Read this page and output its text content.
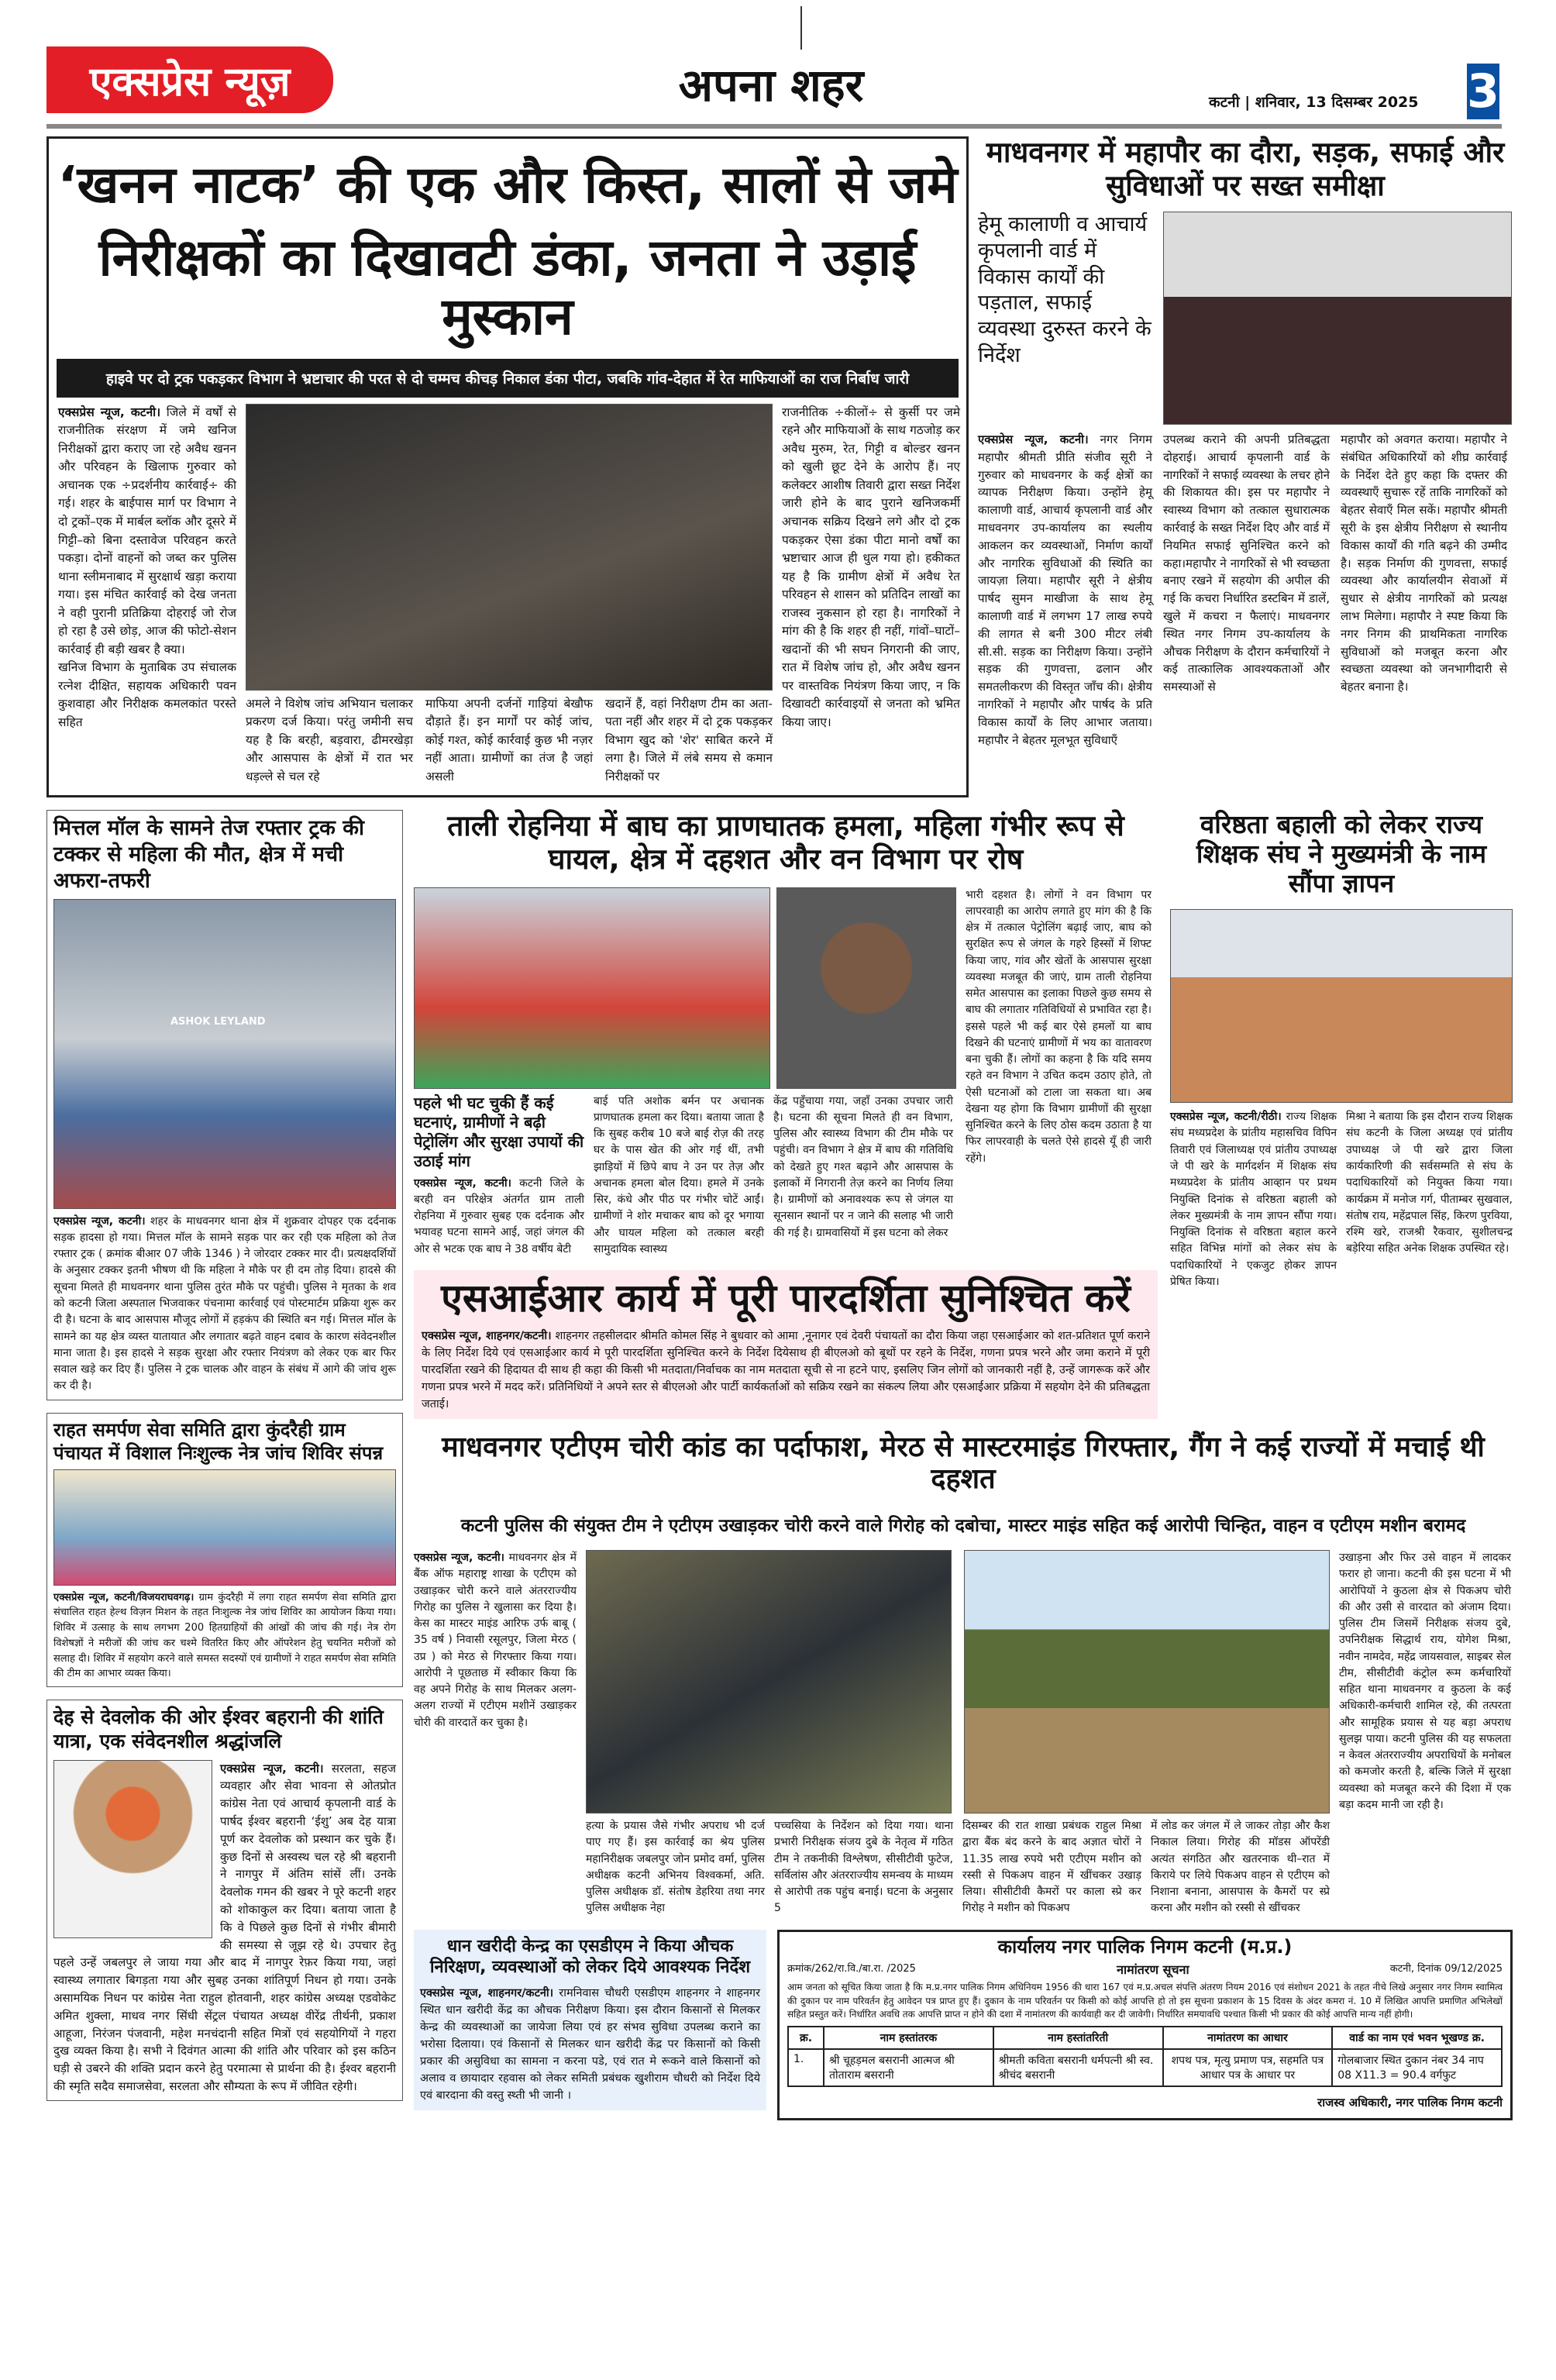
एक्सप्रेस न्यूज़	अपना शहर	कटनी | शनिवार, 13 दिसम्बर 2025 3
‘खनन नाटक’ की एक और किस्त, सालों से जमे
निरीक्षकों का दिखावटी डंका, जनता ने उड़ाई मुस्कान
हाइवे पर दो ट्रक पकड़कर विभाग ने भ्रष्टाचार की परत से दो चम्मच कीचड़ निकाल डंका पीटा, जबकि गांव-देहात में रेत माफियाओं का राज निर्बाध जारी
एक्सप्रेस न्यूज, कटनी। जिले में वर्षों से राजनीतिक संरक्षण में जमे खनिज निरीक्षकों द्वारा कराए जा रहे अवैध खनन और परिवहन के खिलाफ गुरुवार को अचानक एक ÷प्रदर्शनीय कार्रवाई÷ की गई। शहर के बाईपास मार्ग पर विभाग ने दो ट्रकों–एक में मार्बल ब्लॉक और दूसरे में गिट्टी–को बिना दस्तावेज परिवहन करते पकड़ा। दोनों वाहनों को जब्त कर पुलिस थाना स्लीमनाबाद में सुरक्षार्थ खड़ा कराया गया। इस मंचित कार्रवाई को देख जनता ने वही पुरानी प्रतिक्रिया दोहराई जो रोज हो रहा है उसे छोड़, आज की फोटो-सेशन कार्रवाई ही बड़ी खबर है क्या।
खनिज विभाग के मुताबिक उप संचालक रत्नेश दीक्षित, सहायक अधिकारी पवन कुशवाहा और निरीक्षक कमलकांत परस्ते सहित
अमले ने विशेष जांच अभियान चलाकर प्रकरण दर्ज किया। परंतु जमीनी सच यह है कि बरही, बड़वारा, ढीमरखेड़ा और आसपास के क्षेत्रों में रात भर धड़ल्ले से चल रहे
माफिया अपनी दर्जनों गाड़ियां बेखौफ दौड़ाते हैं। इन मार्गों पर कोई जांच, कोई गश्त, कोई कार्रवाई कुछ भी नज़र नहीं आता। ग्रामीणों का तंज है जहां असली
खदानें हैं, वहां निरीक्षण टीम का अता-पता नहीं और शहर में दो ट्रक पकड़कर विभाग खुद को 'शेर' साबित करने में लगा है। जिले में लंबे समय से कमान निरीक्षकों पर
राजनीतिक ÷कीलों÷ से कुर्सी पर जमे रहने और माफियाओं के साथ गठजोड़ कर अवैध मुरुम, रेत, गिट्टी व बोल्डर खनन को खुली छूट देने के आरोप हैं। नए कलेक्टर आशीष तिवारी द्वारा सख्त निर्देश जारी होने के बाद पुराने खनिजकर्मी अचानक सक्रिय दिखने लगे और दो ट्रक पकड़कर ऐसा डंका पीटा मानो वर्षों का भ्रष्टाचार आज ही धुल गया हो। हकीकत यह है कि ग्रामीण क्षेत्रों में अवैध रेत परिवहन से शासन को प्रतिदिन लाखों का राजस्व नुकसान हो रहा है। नागरिकों ने मांग की है कि शहर ही नहीं, गांवों–घाटों–खदानों की भी सघन निगरानी की जाए, रात में विशेष जांच हो, और अवैध खनन पर वास्तविक नियंत्रण किया जाए, न कि दिखावटी कार्रवाइयों से जनता को भ्रमित किया जाए।
माधवनगर में महापौर का दौरा, सड़क, सफाई और सुविधाओं पर सख्त समीक्षा
हेमू कालाणी व आचार्य कृपलानी वार्ड में विकास कार्यों की पड़ताल, सफाई व्यवस्था दुरुस्त करने के निर्देश
एक्सप्रेस न्यूज, कटनी। नगर निगम महापौर श्रीमती प्रीति संजीव सूरी ने गुरुवार को माधवनगर के कई क्षेत्रों का व्यापक निरीक्षण किया। उन्होंने हेमू कालाणी वार्ड, आचार्य कृपलानी वार्ड और माधवनगर उप-कार्यालय का स्थलीय आकलन कर व्यवस्थाओं, निर्माण कार्यों और नागरिक सुविधाओं की स्थिति का जायज़ा लिया। महापौर सूरी ने क्षेत्रीय पार्षद सुमन माखीजा के साथ हेमू कालाणी वार्ड में लगभग 17 लाख रुपये की लागत से बनी 300 मीटर लंबी सी.सी. सड़क का निरीक्षण किया। उन्होंने सड़क की गुणवत्ता, ढलान और समतलीकरण की विस्तृत जाँच की। क्षेत्रीय नागरिकों ने महापौर और पार्षद के प्रति विकास कार्यों के लिए आभार जताया। महापौर ने बेहतर मूलभूत सुविधाएँ
उपलब्ध कराने की अपनी प्रतिबद्धता दोहराई। आचार्य कृपलानी वार्ड के नागरिकों ने सफाई व्यवस्था के लचर होने की शिकायत की। इस पर महापौर ने स्वास्थ्य विभाग को तत्काल सुधारात्मक कार्रवाई के सख्त निर्देश दिए और वार्ड में नियमित सफाई सुनिश्चित करने को कहा।महापौर ने नागरिकों से भी स्वच्छता बनाए रखने में सहयोग की अपील की गई कि कचरा निर्धारित डस्टबिन में डालें, खुले में कचरा न फैलाएं। माधवनगर स्थित नगर निगम उप-कार्यालय के औचक निरीक्षण के दौरान कर्मचारियों ने कई तात्कालिक आवश्यकताओं और समस्याओं से
महापौर को अवगत कराया। महापौर ने संबंधित अधिकारियों को शीघ्र कार्रवाई के निर्देश देते हुए कहा कि दफ्तर की व्यवस्थाएँ सुचारू रहें ताकि नागरिकों को बेहतर सेवाएँ मिल सकें। महापौर श्रीमती सूरी के इस क्षेत्रीय निरीक्षण से स्थानीय विकास कार्यों की गति बढ़ने की उम्मीद है। सड़क निर्माण की गुणवत्ता, सफाई व्यवस्था और कार्यालयीन सेवाओं में सुधार से क्षेत्रीय नागरिकों को प्रत्यक्ष लाभ मिलेगा। महापौर ने स्पष्ट किया कि नगर निगम की प्राथमिकता नागरिक सुविधाओं को मजबूत करना और स्वच्छता व्यवस्था को जनभागीदारी से बेहतर बनाना है।
मित्तल मॉल के सामने तेज रफ्तार ट्रक की टक्कर से महिला की मौत, क्षेत्र में मची अफरा-तफरी
ASHOK LEYLAND
एक्सप्रेस न्यूज, कटनी। शहर के माधवनगर थाना क्षेत्र में शुक्रवार दोपहर एक दर्दनाक सड़क हादसा हो गया। मित्तल मॉल के सामने सड़क पार कर रही एक महिला को तेज रफ्तार ट्रक ( क्रमांक बीआर 07 जीके 1346 ) ने जोरदार टक्कर मार दी। प्रत्यक्षदर्शियों के अनुसार टक्कर इतनी भीषण थी कि महिला ने मौके पर ही दम तोड़ दिया। हादसे की सूचना मिलते ही माधवनगर थाना पुलिस तुरंत मौके पर पहुंची। पुलिस ने मृतका के शव को कटनी जिला अस्पताल भिजवाकर पंचनामा कार्रवाई एवं पोस्टमार्टम प्रक्रिया शुरू कर दी है। घटना के बाद आसपास मौजूद लोगों में हड़कंप की स्थिति बन गई। मित्तल मॉल के सामने का यह क्षेत्र व्यस्त यातायात और लगातार बढ़ते वाहन दबाव के कारण संवेदनशील माना जाता है। इस हादसे ने सड़क सुरक्षा और रफ्तार नियंत्रण को लेकर एक बार फिर सवाल खड़े कर दिए हैं। पुलिस ने ट्रक चालक और वाहन के संबंध में आगे की जांच शुरू कर दी है।
राहत समर्पण सेवा समिति द्वारा कुंदरैही ग्राम पंचायत में विशाल निःशुल्क नेत्र जांच शिविर संपन्न
एक्सप्रेस न्यूज, कटनी/विजयराघवगढ़। ग्राम कुंदरैही में लगा राहत समर्पण सेवा समिति द्वारा संचालित राहत हेल्थ विज़न मिशन के तहत निःशुल्क नेत्र जांच शिविर का आयोजन किया गया। शिविर में उत्साह के साथ लगभग 200 हितग्राहियों की आंखों की जांच की गई। नेत्र रोग विशेषज्ञों ने मरीजों की जांच कर चश्मे वितरित किए और ऑपरेशन हेतु चयनित मरीजों को सलाह दी। शिविर में सहयोग करने वाले समस्त सदस्यों एवं ग्रामीणों ने राहत समर्पण सेवा समिति की टीम का आभार व्यक्त किया।
देह से देवलोक की ओर ईश्वर बहरानी की शांति यात्रा, एक संवेदनशील श्रद्धांजलि
एक्सप्रेस न्यूज, कटनी। सरलता, सहज व्यवहार और सेवा भावना से ओतप्रोत कांग्रेस नेता एवं आचार्य कृपलानी वार्ड के पार्षद ईश्वर बहरानी ‘ईशु’ अब देह यात्रा पूर्ण कर देवलोक को प्रस्थान कर चुके हैं। कुछ दिनों से अस्वस्थ चल रहे श्री बहरानी ने नागपुर में अंतिम सांसें लीं। उनके देवलोक गमन की खबर ने पूरे कटनी शहर को शोकाकुल कर दिया। बताया जाता है कि वे पिछले कुछ दिनों से गंभीर बीमारी की समस्या से जूझ रहे थे। उपचार हेतु पहले उन्हें जबलपुर ले जाया गया और बाद में नागपुर रेफ़र किया गया, जहां स्वास्थ्य लगातार बिगड़ता गया और सुबह उनका शांतिपूर्ण निधन हो गया। उनके असामयिक निधन पर कांग्रेस नेता राहुल होतवानी, शहर कांग्रेस अध्यक्ष एडवोकेट अमित शुक्ला, माधव नगर सिंधी सेंट्रल पंचायत अध्यक्ष वीरेंद्र तीर्थनी, प्रकाश आहूजा, निरंजन पंजवानी, महेश मनचंदानी सहित मित्रों एवं सहयोगियों ने गहरा दुख व्यक्त किया है। सभी ने दिवंगत आत्मा की शांति और परिवार को इस कठिन घड़ी से उबरने की शक्ति प्रदान करने हेतु परमात्मा से प्रार्थना की है। ईश्वर बहरानी की स्मृति सदैव समाजसेवा, सरलता और सौम्यता के रूप में जीवित रहेगी।
ताली रोहनिया में बाघ का प्राणघातक हमला, महिला गंभीर रूप से घायल, क्षेत्र में दहशत और वन विभाग पर रोष
पहले भी घट चुकी हैं कई घटनाएं, ग्रामीणों ने बढ़ी पेट्रोलिंग और सुरक्षा उपायों की उठाई मांग
एक्सप्रेस न्यूज, कटनी। कटनी जिले के बरही वन परिक्षेत्र अंतर्गत ग्राम ताली रोहनिया में गुरुवार सुबह एक दर्दनाक और भयावह घटना सामने आई, जहां जंगल की ओर से भटक एक बाघ ने 38 वर्षीय बेटी
बाई पति अशोक बर्मन पर अचानक प्राणघातक हमला कर दिया। बताया जाता है कि सुबह करीब 10 बजे बाई रोज़ की तरह घर के पास खेत की ओर गई थीं, तभी झाड़ियों में छिपे बाघ ने उन पर तेज़ और अचानक हमला बोल दिया। हमले में उनके सिर, कंधे और पीठ पर गंभीर चोटें आईं। ग्रामीणों ने शोर मचाकर बाघ को दूर भगाया और घायल महिला को तत्काल बरही सामुदायिक स्वास्थ्य
केंद्र पहुँचाया गया, जहाँ उनका उपचार जारी है। घटना की सूचना मिलते ही वन विभाग, पुलिस और स्वास्थ्य विभाग की टीम मौके पर पहुंची। वन विभाग ने क्षेत्र में बाघ की गतिविधि को देखते हुए गश्त बढ़ाने और आसपास के इलाकों में निगरानी तेज़ करने का निर्णय लिया है। ग्रामीणों को अनावश्यक रूप से जंगल या सूनसान स्थानों पर न जाने की सलाह भी जारी की गई है। ग्रामवासियों में इस घटना को लेकर
भारी दहशत है। लोगों ने वन विभाग पर लापरवाही का आरोप लगाते हुए मांग की है कि क्षेत्र में तत्काल पेट्रोलिंग बढ़ाई जाए, बाघ को सुरक्षित रूप से जंगल के गहरे हिस्सों में शिफ्ट किया जाए, गांव और खेतों के आसपास सुरक्षा व्यवस्था मजबूत की जाएं, ग्राम ताली रोहनिया समेत आसपास का इलाका पिछले कुछ समय से बाघ की लगातार गतिविधियों से प्रभावित रहा है। इससे पहले भी कई बार ऐसे हमलों या बाघ दिखने की घटनाएं ग्रामीणों में भय का वातावरण बना चुकी हैं। लोगों का कहना है कि यदि समय रहते वन विभाग ने उचित कदम उठाए होते, तो ऐसी घटनाओं को टाला जा सकता था। अब देखना यह होगा कि विभाग ग्रामीणों की सुरक्षा सुनिश्चित करने के लिए ठोस कदम उठाता है या फिर लापरवाही के चलते ऐसे हादसे यूँ ही जारी रहेंगे।
एसआईआर कार्य में पूरी पारदर्शिता सुनिश्चित करें
एक्सप्रेस न्यूज, शाहनगर/कटनी। शाहनगर तहसीलदार श्रीमति कोमल सिंह ने बुधवार को आमा ,नूनागर एवं देवरी पंचायतों का दौरा किया जहा एसआईआर को शत-प्रतिशत पूर्ण कराने के लिए निर्देश दिये एवं एसआईआर कार्य मे पूरी पारदर्शिता सुनिश्चित करने के निर्देश दियेसाथ ही बीएलओ को बूथों पर रहने के निर्देश, गणना प्रपत्र भरने और जमा कराने में पूरी पारदर्शिता रखने की हिदायत दी साथ ही कहा की किसी भी मतदाता/निर्वाचक का नाम मतदाता सूची से ना हटने पाए, इसलिए जिन लोगों को जानकारी नहीं है, उन्हें जागरूक करें और गणना प्रपत्र भरने में मदद करें। प्रतिनिधियों ने अपने स्तर से बीएलओ और पार्टी कार्यकर्ताओं को सक्रिय रखने का संकल्प लिया और एसआईआर प्रक्रिया में सहयोग देने की प्रतिबद्धता जताई।
वरिष्ठता बहाली को लेकर राज्य शिक्षक संघ ने मुख्यमंत्री के नाम सौंपा ज्ञापन
एक्सप्रेस न्यूज, कटनी/रीठी। राज्य शिक्षक संघ मध्यप्रदेश के प्रांतीय महासचिव विपिन तिवारी एवं जिलाध्यक्ष एवं प्रांतीय उपाध्यक्ष जे पी खरे के मार्गदर्शन में शिक्षक संघ मध्यप्रदेश के प्रांतीय आव्हान पर प्रथम नियुक्ति दिनांक से वरिष्ठता बहाली को लेकर मुख्यमंत्री के नाम ज्ञापन सौंपा गया। नियुक्ति दिनांक से वरिष्ठता बहाल करने सहित विभिन्न मांगों को लेकर संघ के पदाधिकारियों ने एकजुट होकर ज्ञापन प्रेषित किया।
मिश्रा ने बताया कि इस दौरान राज्य शिक्षक संघ कटनी के जिला अध्यक्ष एवं प्रांतीय उपाध्यक्ष जे पी खरे द्वारा जिला कार्यकारिणी की सर्वसम्मति से संघ के पदाधिकारियों को नियुक्त किया गया। कार्यक्रम में मनोज गर्ग, पीताम्बर सुखवाल, संतोष राय, महेंद्रपाल सिंह, किरण पुरविया, रश्मि खरे, राजश्री रैकवार, सुशीलचन्द्र बड़ेरिया सहित अनेक शिक्षक उपस्थित रहे।
माधवनगर एटीएम चोरी कांड का पर्दाफाश, मेरठ से मास्टरमाइंड गिरफ्तार, गैंग ने कई राज्यों में मचाई थी दहशत
कटनी पुलिस की संयुक्त टीम ने एटीएम उखाड़कर चोरी करने वाले गिरोह को दबोचा, मास्टर माइंड सहित कई आरोपी चिन्हित, वाहन व एटीएम मशीन बरामद
एक्सप्रेस न्यूज, कटनी। माधवनगर क्षेत्र में बैंक ऑफ महाराष्ट्र शाखा के एटीएम को उखाड़कर चोरी करने वाले अंतरराज्यीय गिरोह का पुलिस ने खुलासा कर दिया है। केस का मास्टर माइंड आरिफ उर्फ बाबू ( 35 वर्ष ) निवासी रसूलपुर, जिला मेरठ ( उप्र ) को मेरठ से गिरफ्तार किया गया। आरोपी ने पूछताछ में स्वीकार किया कि वह अपने गिरोह के साथ मिलकर अलग-अलग राज्यों में एटीएम मशीनें उखाड़कर चोरी की वारदातें कर चुका है।
हत्या के प्रयास जैसे गंभीर अपराध भी दर्ज पाए गए हैं। इस कार्रवाई का श्रेय पुलिस महानिरीक्षक जबलपुर जोन प्रमोद वर्मा, पुलिस अधीक्षक कटनी अभिनय विश्वकर्मा, अति. पुलिस अधीक्षक डॉ. संतोष डेहरिया तथा नगर पुलिस अधीक्षक नेहा
पच्चसिया के निर्देशन को दिया गया। थाना प्रभारी निरीक्षक संजय दुबे के नेतृत्व में गठित टीम ने तकनीकी विश्लेषण, सीसीटीवी फुटेज, सर्विलांस और अंतरराज्यीय समन्वय के माध्यम से आरोपी तक पहुंच बनाई। घटना के अनुसार 5
दिसम्बर की रात शाखा प्रबंधक राहुल मिश्रा द्वारा बैंक बंद करने के बाद अज्ञात चोरों ने 11.35 लाख रुपये भरी एटीएम मशीन को रस्सी से पिकअप वाहन में खींचकर उखाड़ लिया। सीसीटीवी कैमरों पर काला स्प्रे कर गिरोह ने मशीन को पिकअप
में लोड कर जंगल में ले जाकर तोड़ा और कैश निकाल लिया। गिरोह की मॉडस ऑपरेंडी अत्यंत संगठित और खतरनाक थी–रात में किराये पर लिये पिकअप वाहन से एटीएम को निशाना बनाना, आसपास के कैमरों पर स्प्रे करना और मशीन को रस्सी से खींचकर
उखाड़ना और फिर उसे वाहन में लादकर फरार हो जाना। कटनी की इस घटना में भी आरोपियों ने कुठला क्षेत्र से पिकअप चोरी की और उसी से वारदात को अंजाम दिया। पुलिस टीम जिसमें निरीक्षक संजय दुबे, उपनिरीक्षक सिद्धार्थ राय, योगेश मिश्रा, नवीन नामदेव, महेंद्र जायसवाल, साइबर सेल टीम, सीसीटीवी कंट्रोल रूम कर्मचारियों सहित थाना माधवनगर व कुठला के कई अधिकारी-कर्मचारी शामिल रहे, की तत्परता और सामूहिक प्रयास से यह बड़ा अपराध सुलझ पाया। कटनी पुलिस की यह सफलता न केवल अंतरराज्यीय अपराधियों के मनोबल को कमजोर करती है, बल्कि जिले में सुरक्षा व्यवस्था को मजबूत करने की दिशा में एक बड़ा कदम मानी जा रही है।
धान खरीदी केन्द्र का एसडीएम ने किया औचक निरिक्षण, व्यवस्थाओं को लेकर दिये आवश्यक निर्देश
एक्सप्रेस न्यूज, शाहनगर/कटनी। रामनिवास चौधरी एसडीएम शाहनगर ने शाहनगर स्थित धान खरीदी केंद्र का औचक निरीक्षण किया। इस दौरान किसानों से मिलकर केन्द्र की व्यवस्थाओं का जायेजा लिया एवं हर संभव सुविधा उपलब्ध कराने का भरोसा दिलाया। एवं किसानों से मिलकर धान खरीदी केंद्र पर किसानों को किसी प्रकार की असुविधा का सामना न करना पडे, एवं रात मे रूकने वाले किसानों को अलाव व छायादार रहवास को लेकर समिती प्रबंधक खुशीराम चौधरी को निर्देश दिये एवं बारदाना की वस्तु स्थ्ती भी जानी ।
कार्यालय नगर पालिक निगम कटनी (म.प्र.)
क्रमांक/262/रा.वि./बा.रा. /2025	नामांतरण सूचना	कटनी, दिनांक 09/12/2025
आम जनता को सूचित किया जाता है कि म.प्र.नगर पालिक निगम अधिनियम 1956 की धारा 167 एवं म.प्र.अचल संपत्ति अंतरण नियम 2016 एवं संशोधन 2021 के तहत नीचे लिखे अनुसार नगर निगम स्वामित्व की दुकान पर नाम परिवर्तन हेतु आवेदन पत्र प्राप्त हुए हैं। दुकान के नाम परिवर्तन पर किसी को कोई आपत्ति हो तो इस सूचना प्रकाशन के 15 दिवस के अंदर कमरा नं. 10 में लिखित आपत्ति प्रमाणित अभिलेखों सहित प्रस्तुत करें। निर्धारित अवधि तक आपत्ति प्राप्त न होने की दशा में नामांतरण की कार्यवाही कर दी जावेगी। निर्धारित समयावधि पश्चात किसी भी प्रकार की कोई आपत्ति मान्य नहीं होगी।
क्र.	नाम हस्तांतरक	नाम हस्तांतरिती	नामांतरण का आधार	वार्ड का नाम एवं भवन भूखण्ड क्र.
1.	श्री चूहड़मल बसरानी आत्मज श्री तोताराम बसरानी	श्रीमती कविता बसरानी धर्मपत्नी श्री स्व. श्रीचंद बसरानी	शपथ पत्र, मृत्यु प्रमाण पत्र, सहमति पत्र आधार पत्र के आधार पर	गोलबाजार स्थित दुकान नंबर 34 नाप 08 X11.3 = 90.4 वर्गफुट
राजस्व अधिकारी, नगर पालिक निगम कटनी
